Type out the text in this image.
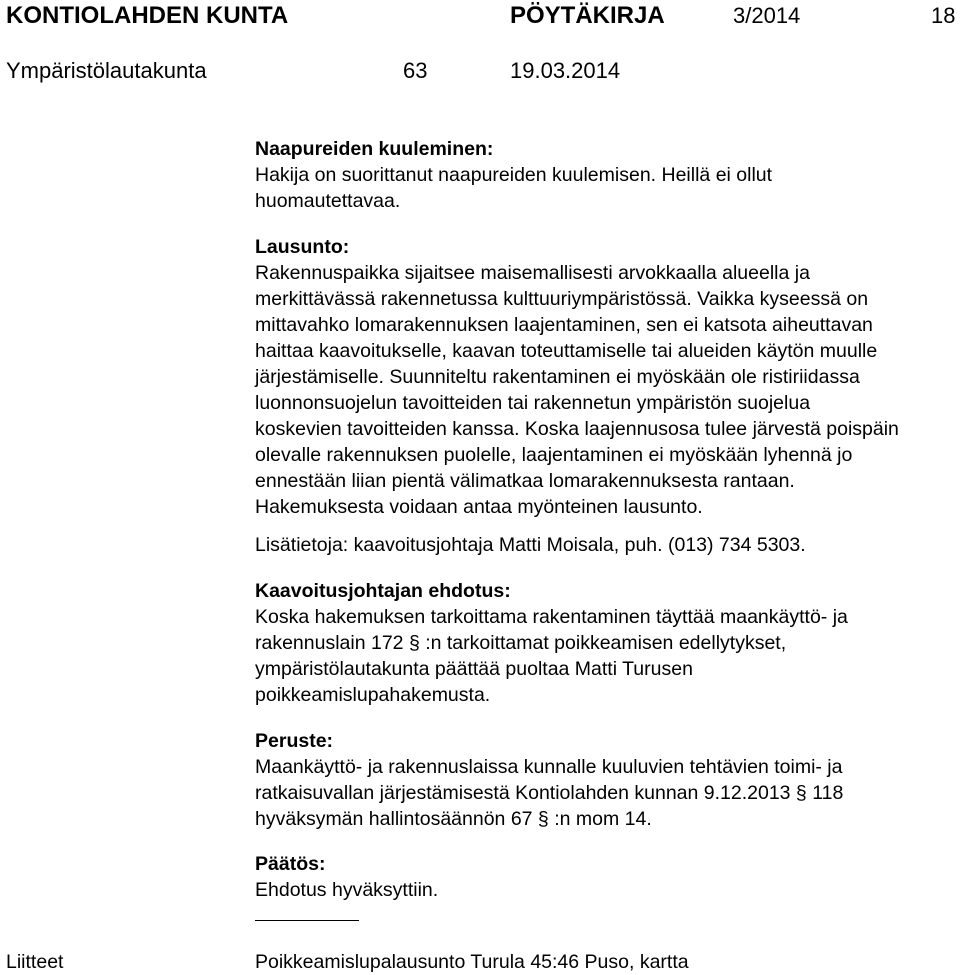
KONTIOLAHDEN KUNTA	PÖYTÄKIRJA	3/2014	18
Ympäristölautakunta	63	19.03.2014
Naapureiden kuuleminen:
Hakija on suorittanut naapureiden kuulemisen. Heillä ei ollut
huomautettavaa.
Lausunto:
Rakennuspaikka sijaitsee maisemallisesti arvokkaalla alueella ja
merkittävässä rakennetussa kulttuuriympäristössä. Vaikka kyseessä on
mittavahko lomarakennuksen laajentaminen, sen ei katsota aiheuttavan
haittaa kaavoitukselle, kaavan toteuttamiselle tai alueiden käytön muulle
järjestämiselle. Suunniteltu rakentaminen ei myöskään ole ristiriidassa
luonnonsuojelun tavoitteiden tai rakennetun ympäristön suojelua
koskevien tavoitteiden kanssa. Koska laajennusosa tulee järvestä poispäin
olevalle rakennuksen puolelle, laajentaminen ei myöskään lyhennä jo
ennestään liian pientä välimatkaa lomarakennuksesta rantaan.
Hakemuksesta voidaan antaa myönteinen lausunto.
Lisätietoja: kaavoitusjohtaja Matti Moisala, puh. (013) 734 5303.
Kaavoitusjohtajan ehdotus:
Koska hakemuksen tarkoittama rakentaminen täyttää maankäyttö- ja
rakennuslain 172 § :n tarkoittamat poikkeamisen edellytykset,
ympäristölautakunta päättää puoltaa Matti Turusen
poikkeamislupahakemusta.
Peruste:
Maankäyttö- ja rakennuslaissa kunnalle kuuluvien tehtävien toimi- ja
ratkaisuvallan järjestämisestä Kontiolahden kunnan 9.12.2013 § 118
hyväksymän hallintosäännön 67 § :n mom 14.
Päätös:
Ehdotus hyväksyttiin.
Liitteet	Poikkeamislupalausunto Turula 45:46 Puso, kartta
